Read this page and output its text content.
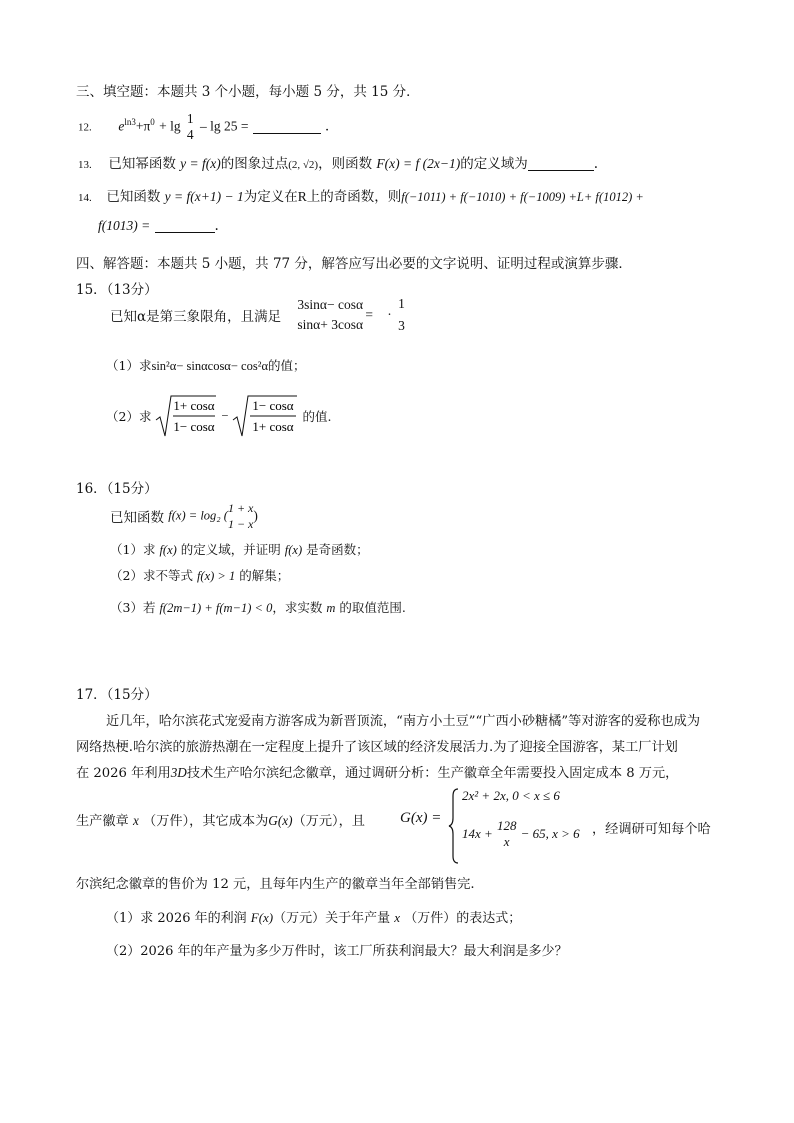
三、填空题：本题共 3 个小题，每小题 5 分，共 15 分．
12. $e^{ln3}+\pi^0 + \lg 1$
4
– lg 25 =	．
13. 已知幂函数 y = f(x)的图象过点(2, √2)，则函数 F(x) = f (2x−1)的定义域为	.
14. 已知函数 y = f(x+1) − 1为定义在R上的奇函数，则f(−1011) + f(−1010) + f(−1009) +L+ f(1012) +
f(1013) =	.
四、解答题：本题共 5 小题，共 77 分，解答应写出必要的文字说明、证明过程或演算步骤．
15．（13分）
已知α是第三象限角，且满足
3sinα− cosα
sinα+ 3cosα
= ·
1
3
（1）求sin²α− sinαcosα− cos²α的值；
（2）求
1+ cosα
1− cosα
−
1− cosα
1+ cosα
的值.
16．（15分）
已知函数 f(x) = log₂ (
1 + x
1 − x
)
（1）求 f(x) 的定义域，并证明 f(x) 是奇函数；
（2）求不等式 f(x) > 1 的解集；
（3）若 f(2m−1) + f(m−1) < 0，求实数 m 的取值范围.
17．（15分）
近几年，哈尔滨花式宠爱南方游客成为新晋顶流，“南方小土豆”“广西小砂糖橘”等对游客的爱称也成为
网络热梗.哈尔滨的旅游热潮在一定程度上提升了该区域的经济发展活力.为了迎接全国游客，某工厂计划
在 2026 年利用3D技术生产哈尔滨纪念徽章，通过调研分析：生产徽章全年需要投入固定成本 8 万元，
生产徽章 x （万件），其它成本为G(x)（万元），且 G(x) =
2x² + 2x, 0 < x ≤ 6
14x +
128
x
− 65, x > 6 ，经调研可知每个哈
尔滨纪念徽章的售价为 12 元，且每年内生产的徽章当年全部销售完.
（1）求 2026 年的利润 F(x)（万元）关于年产量 x （万件）的表达式；
（2）2026 年的年产量为多少万件时，该工厂所获利润最大？最大利润是多少？
